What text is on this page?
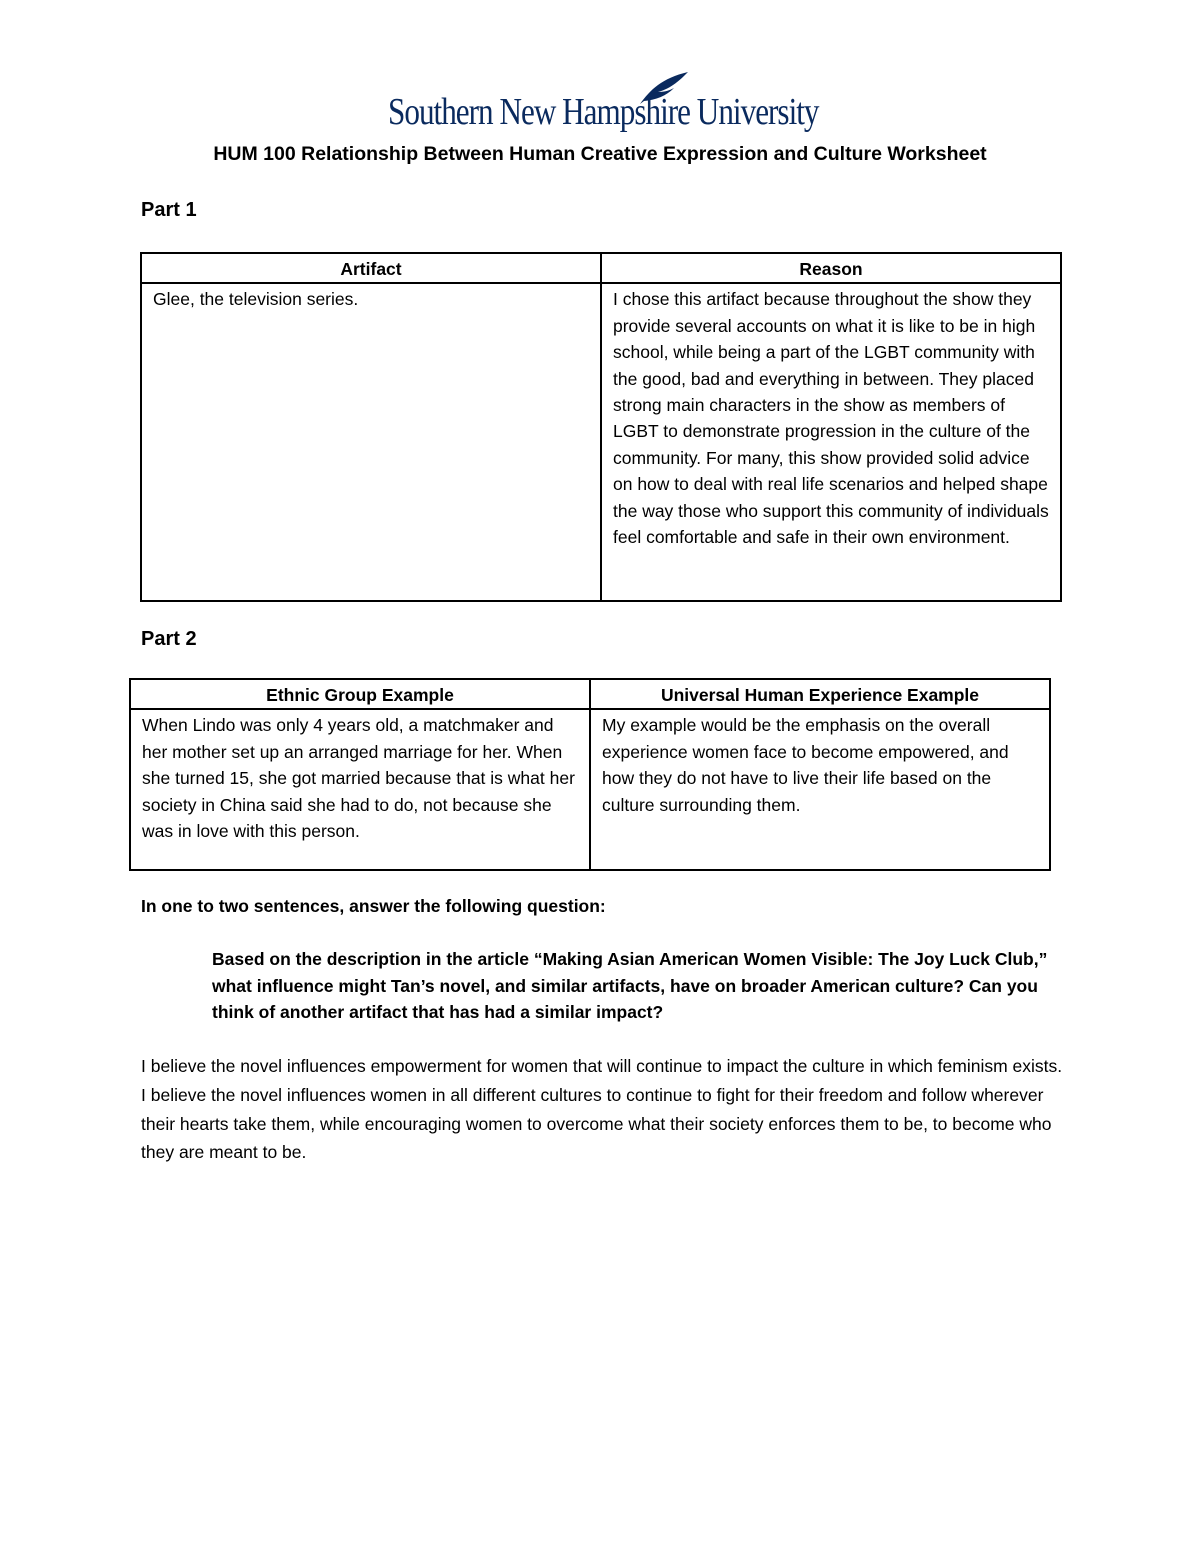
Southern New Hampshire University
HUM 100 Relationship Between Human Creative Expression and Culture Worksheet
Part 1
Artifact	Reason
Glee, the television series.	I chose this artifact because throughout the show they provide several accounts on what it is like to be in high school, while being a part of the LGBT community with the good, bad and everything in between. They placed strong main characters in the show as members of LGBT to demonstrate progression in the culture of the community. For many, this show provided solid advice on how to deal with real life scenarios and helped shape the way those who support this community of individuals feel comfortable and safe in their own environment.
Part 2
Ethnic Group Example	Universal Human Experience Example
When Lindo was only 4 years old, a matchmaker and her mother set up an arranged marriage for her. When she turned 15, she got married because that is what her society in China said she had to do, not because she was in love with this person.	My example would be the emphasis on the overall experience women face to become empowered, and how they do not have to live their life based on the culture surrounding them.
In one to two sentences, answer the following question:
Based on the description in the article “Making Asian American Women Visible: The Joy Luck Club,” what influence might Tan’s novel, and similar artifacts, have on broader American culture? Can you think of another artifact that has had a similar impact?
I believe the novel influences empowerment for women that will continue to impact the culture in which feminism exists. I believe the novel influences women in all different cultures to continue to fight for their freedom and follow wherever their hearts take them, while encouraging women to overcome what their society enforces them to be, to become who they are meant to be.
